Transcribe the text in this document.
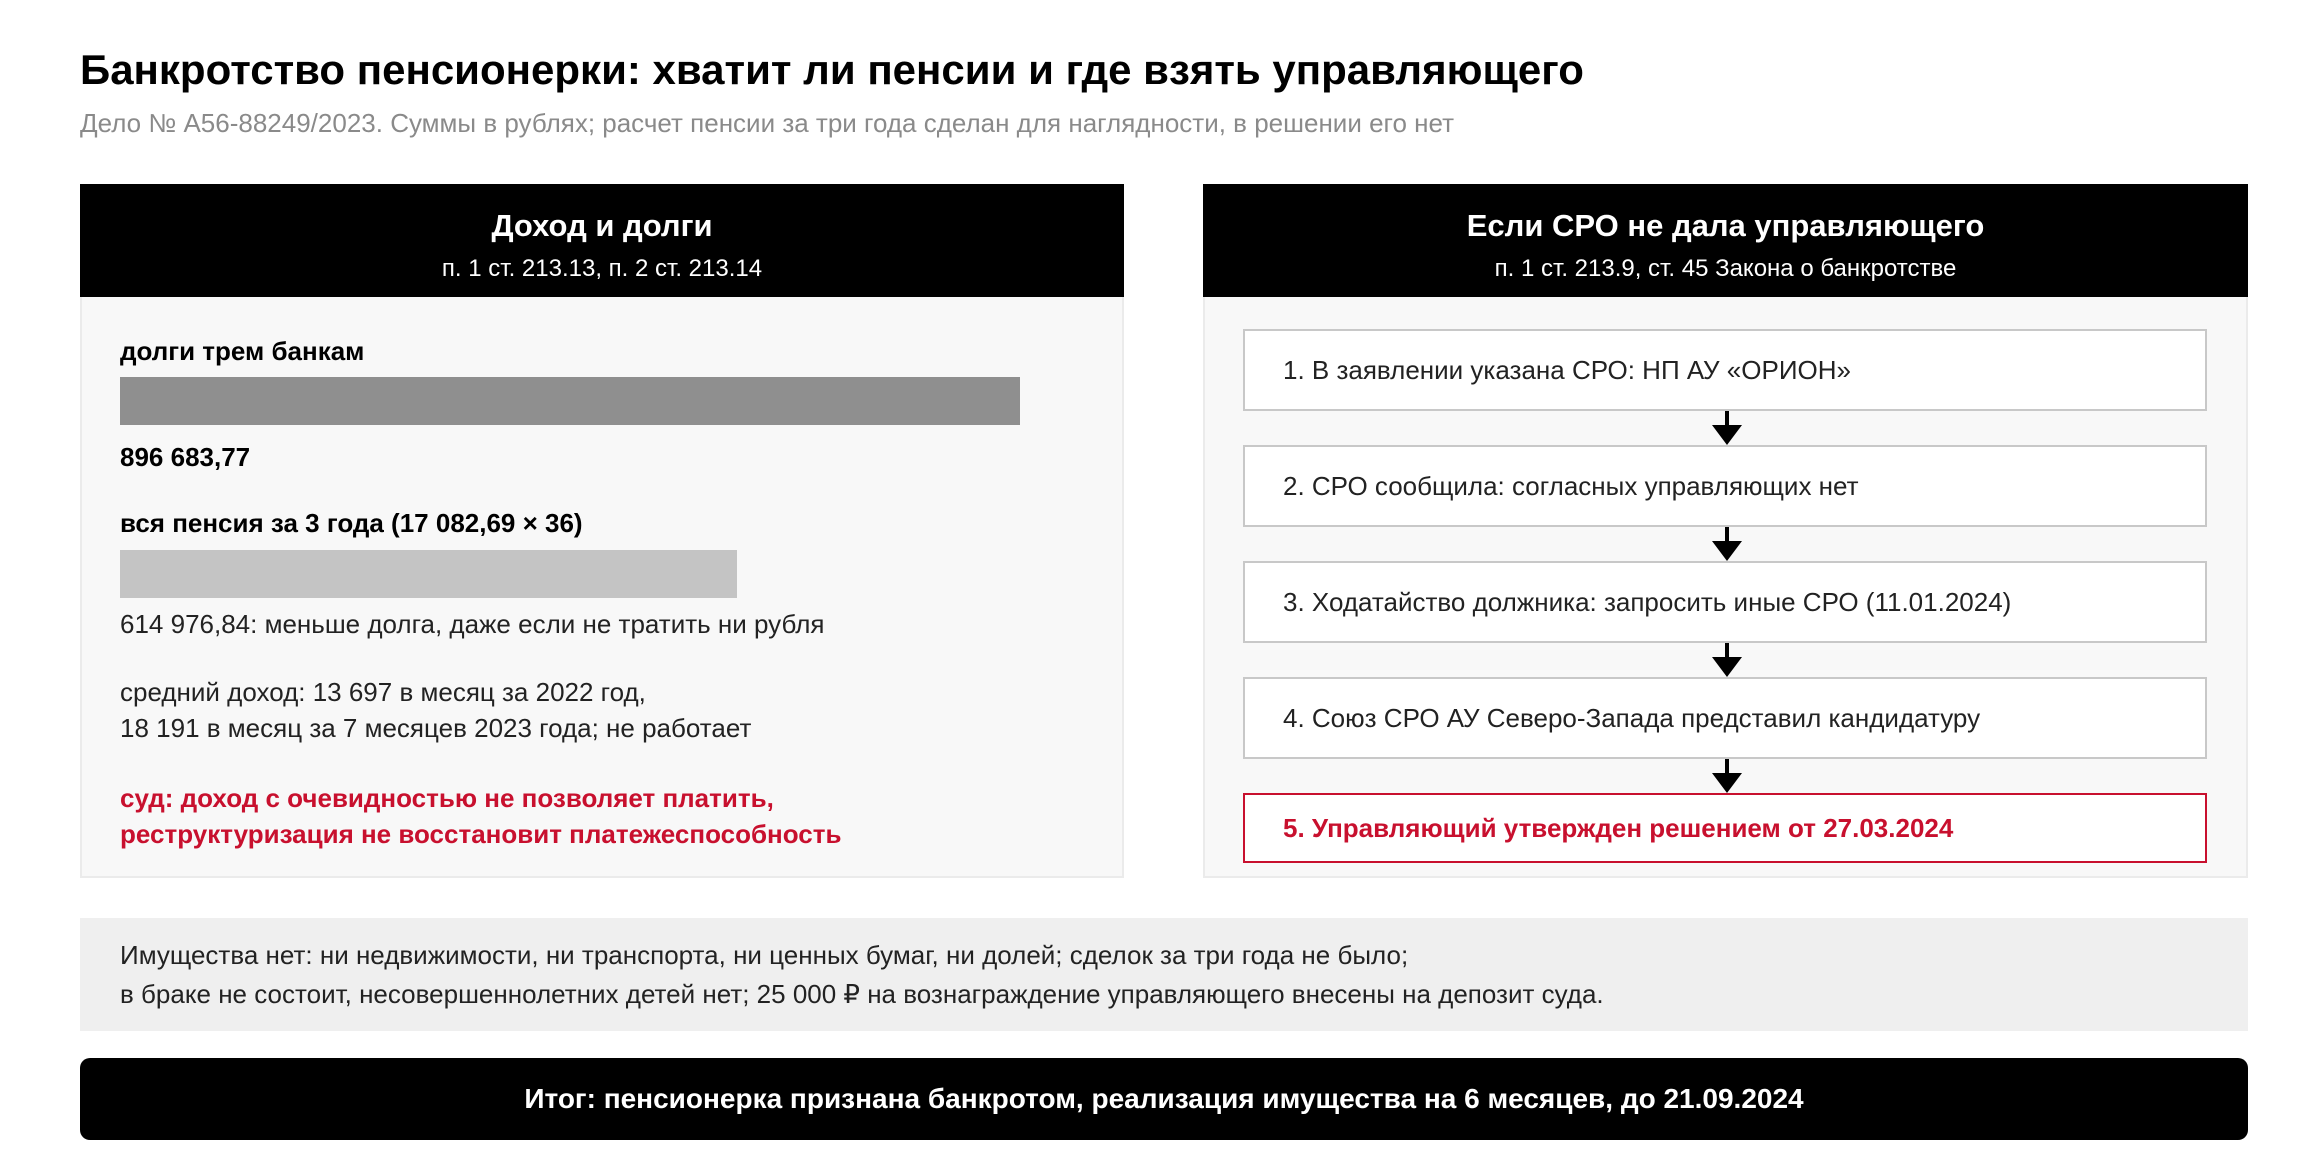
Банкротство пенсионерки: хватит ли пенсии и где взять управляющего
Дело № А56-88249/2023. Суммы в рублях; расчет пенсии за три года сделан для наглядности, в решении его нет
Доход и долги
п. 1 ст. 213.13, п. 2 ст. 213.14
долги трем банкам
896 683,77
вся пенсия за 3 года (17 082,69 × 36)
614 976,84: меньше долга, даже если не тратить ни рубля
средний доход: 13 697 в месяц за 2022 год,
18 191 в месяц за 7 месяцев 2023 года; не работает
суд: доход с очевидностью не позволяет платить,
реструктуризация не восстановит платежеспособность
Если СРО не дала управляющего
п. 1 ст. 213.9, ст. 45 Закона о банкротстве
1. В заявлении указана СРО: НП АУ «ОРИОН»
2. СРО сообщила: согласных управляющих нет
3. Ходатайство должника: запросить иные СРО (11.01.2024)
4. Союз СРО АУ Северо-Запада представил кандидатуру
5. Управляющий утвержден решением от 27.03.2024
Имущества нет: ни недвижимости, ни транспорта, ни ценных бумаг, ни долей; сделок за три года не было;
в браке не состоит, несовершеннолетних детей нет; 25 000 ₽ на вознаграждение управляющего внесены на депозит суда.
Итог: пенсионерка признана банкротом, реализация имущества на 6 месяцев, до 21.09.2024
